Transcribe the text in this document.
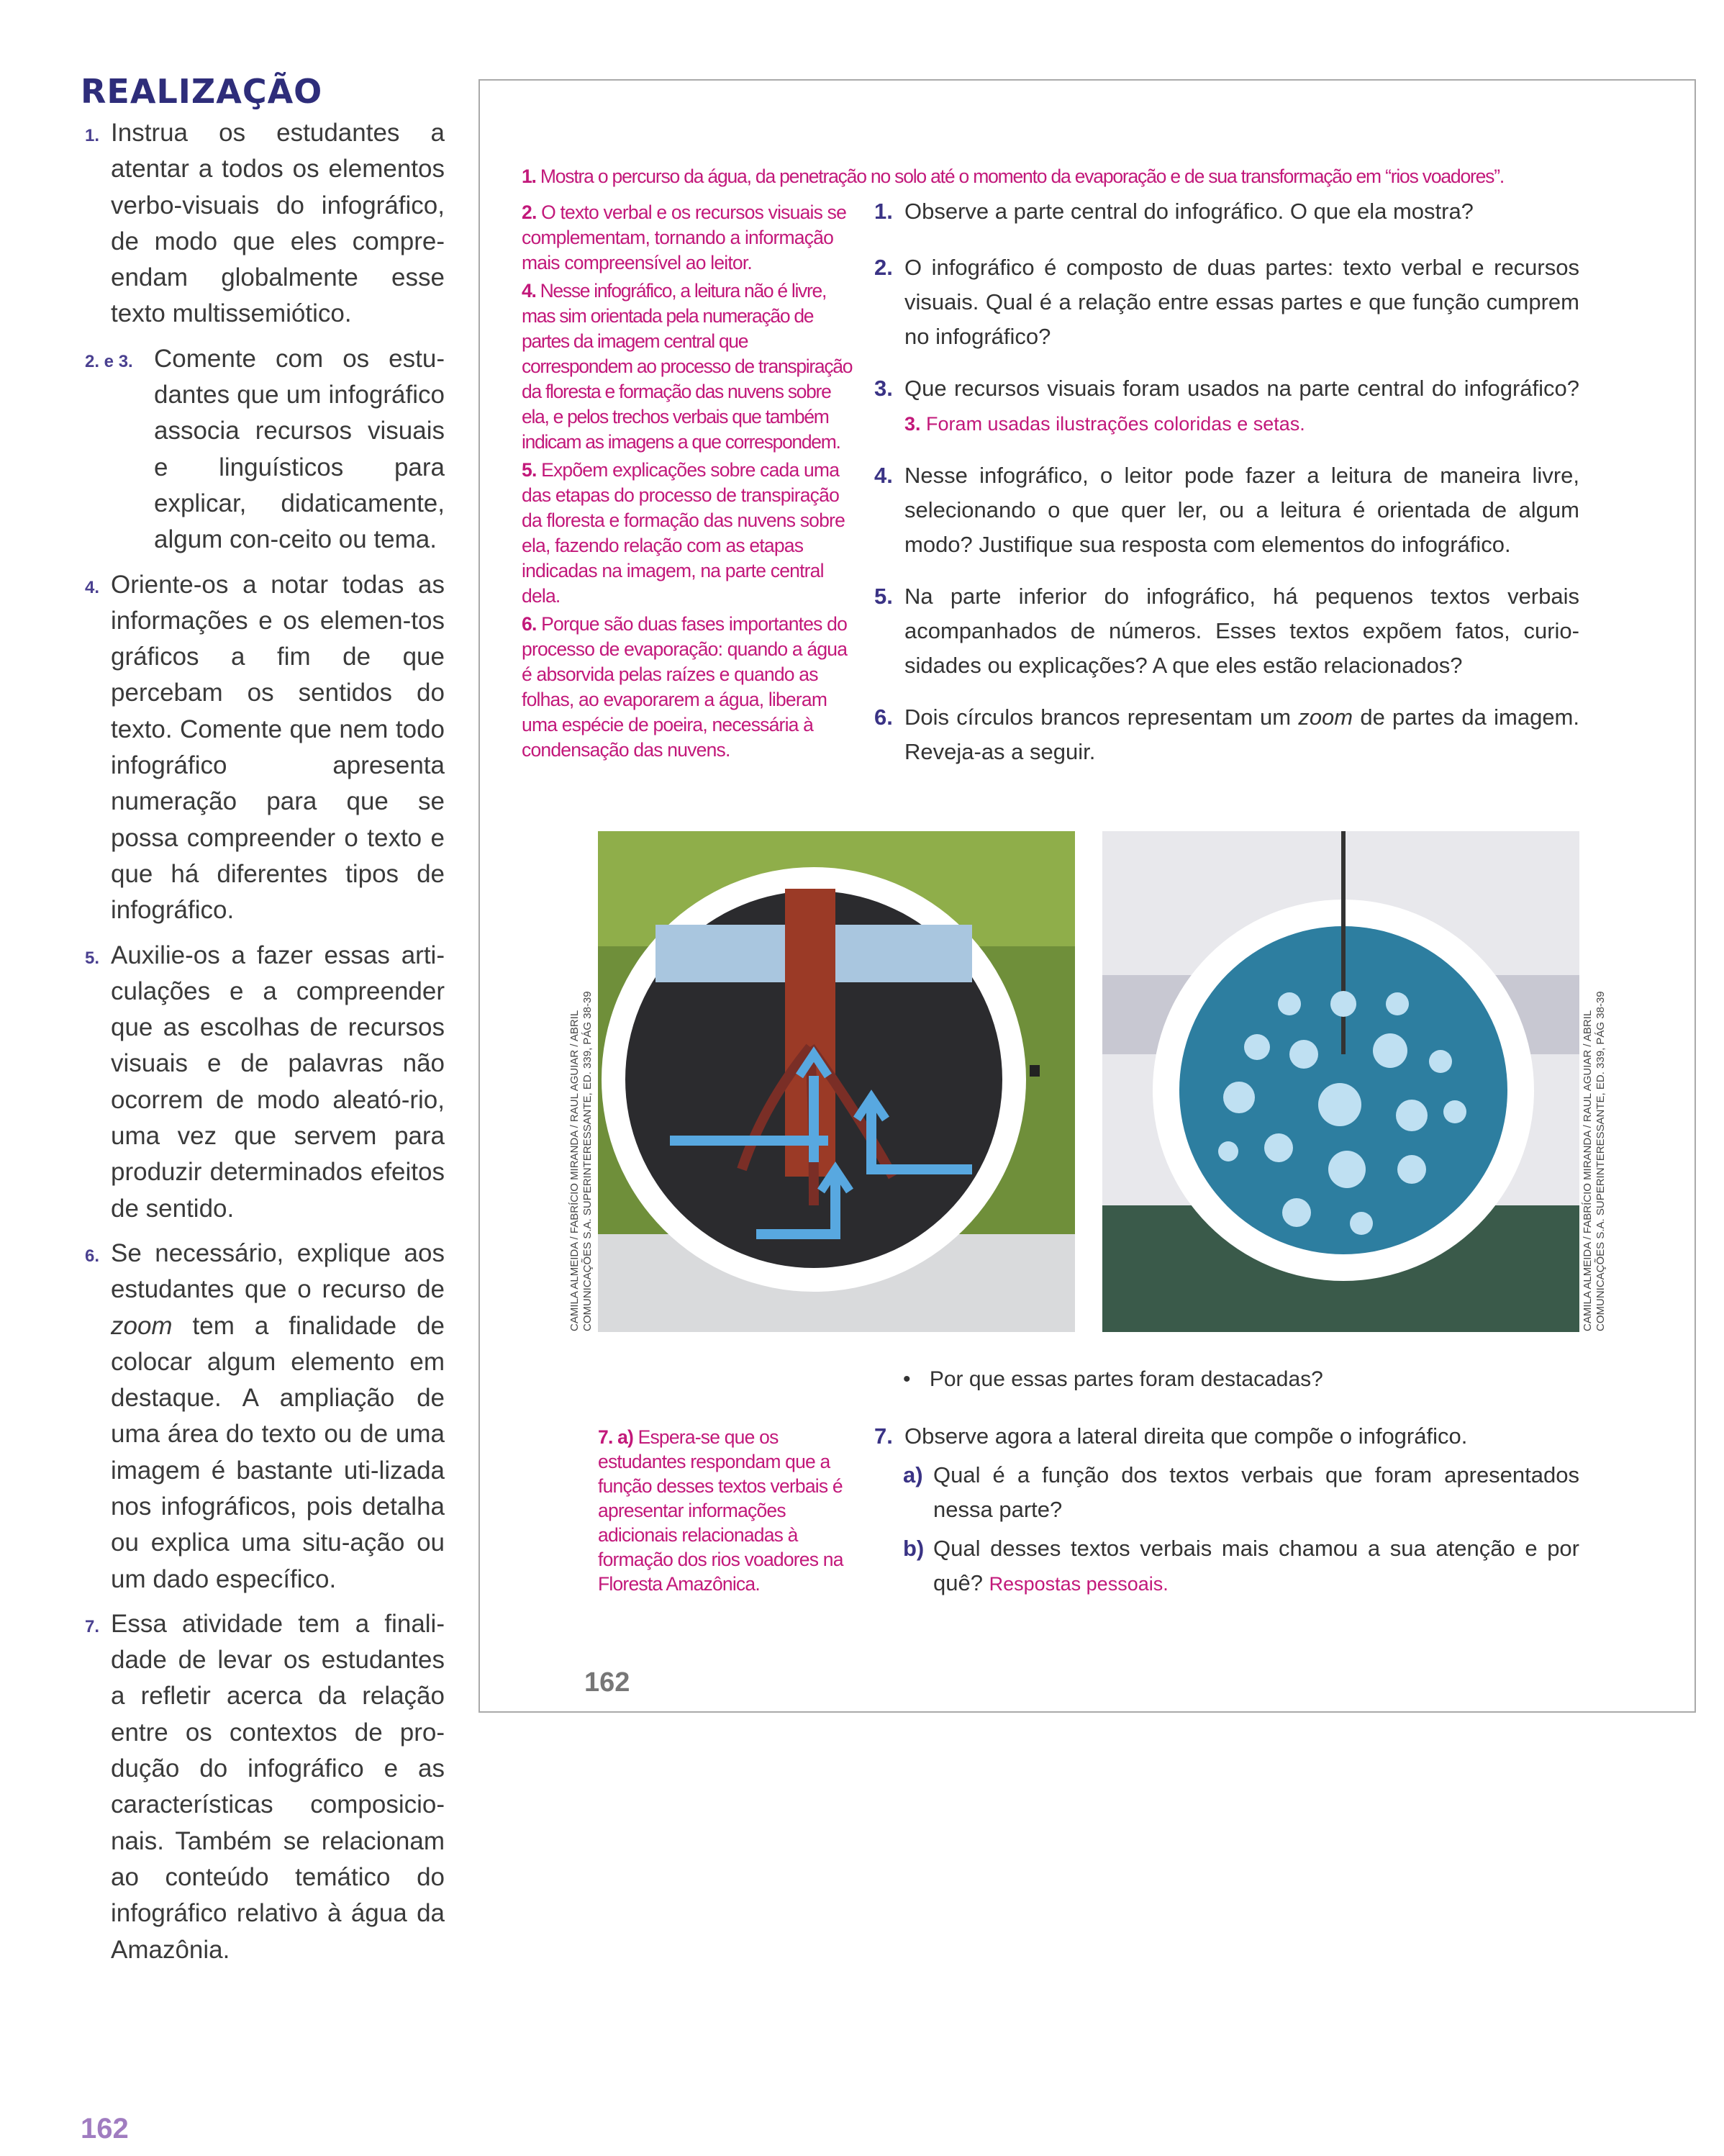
REALIZAÇÃO
1. Instrua os estudantes a atentar a todos os elementos verbo-visuais do infográfico, de modo que eles compre-endam globalmente esse texto multissemiótico.
2. e 3. Comente com os estu-dantes que um infográfico associa recursos visuais e linguísticos para explicar, didaticamente, algum con-ceito ou tema.
4. Oriente-os a notar todas as informações e os elemen-tos gráficos a fim de que percebam os sentidos do texto. Comente que nem todo infográfico apresenta numeração para que se possa compreender o texto e que há diferentes tipos de infográfico.
5. Auxilie-os a fazer essas arti-culações e a compreender que as escolhas de recursos visuais e de palavras não ocorrem de modo aleató-rio, uma vez que servem para produzir determinados efeitos de sentido.
6. Se necessário, explique aos estudantes que o recurso de zoom tem a finalidade de colocar algum elemento em destaque. A ampliação de uma área do texto ou de uma imagem é bastante uti-lizada nos infográficos, pois detalha ou explica uma situ-ação ou um dado específico.
7. Essa atividade tem a finali-dade de levar os estudantes a refletir acerca da relação entre os contextos de pro-dução do infográfico e as características composicio-nais. Também se relacionam ao conteúdo temático do infográfico relativo à água da Amazônia.
162
1. Mostra o percurso da água, da penetração no solo até o momento da evaporação e de sua transformação em “rios voadores”.

2. O texto verbal e os recursos visuais se complementam, tornando a informação mais compreensível ao leitor.

4. Nesse infográfico, a leitura não é livre, mas sim orientada pela numeração de partes da imagem central que correspondem ao processo de transpiração da floresta e formação das nuvens sobre ela, e pelos trechos verbais que também indicam as imagens a que correspondem.

5. Expõem explicações sobre cada uma das etapas do processo de transpiração da floresta e formação das nuvens sobre ela, fazendo relação com as etapas indicadas na imagem, na parte central dela.

6. Porque são duas fases importantes do processo de evaporação: quando a água é absorvida pelas raízes e quando as folhas, ao evaporarem a água, liberam uma espécie de poeira, necessária à condensação das nuvens.

1. Observe a parte central do infográfico. O que ela mostra?
2. O infográfico é composto de duas partes: texto verbal e recursos visuais. Qual é a relação entre essas partes e que função cumprem no infográfico?
3. Que recursos visuais foram usados na parte central do infográfico? 3. Foram usadas ilustrações coloridas e setas.
4. Nesse infográfico, o leitor pode fazer a leitura de maneira livre, selecionando o que quer ler, ou a leitura é orientada de algum modo? Justifique sua resposta com elementos do infográfico.
5. Na parte inferior do infográfico, há pequenos textos verbais acompanhados de números. Esses textos expõem fatos, curio-sidades ou explicações? A que eles estão relacionados?
6. Dois círculos brancos representam um zoom de partes da imagem. Reveja-as a seguir.
CAMILA ALMEIDA / FABRÍCIO MIRANDA / RAUL AGUIAR / ABRIL COMUNICAÇÕES S.A. SUPERINTERESSANTE, ED. 339, PÁG 38-39	CAMILA ALMEIDA / FABRÍCIO MIRANDA / RAUL AGUIAR / ABRIL COMUNICAÇÕES S.A. SUPERINTERESSANTE, ED. 339, PÁG 38-39
• Por que essas partes foram destacadas?
7. a) Espera-se que os estudantes respondam que a função desses textos verbais é apresentar informações adicionais relacionadas à formação dos rios voadores na Floresta Amazônica.
7. Observe agora a lateral direita que compõe o infográfico.
a) Qual é a função dos textos verbais que foram apresentados nessa parte?
b) Qual desses textos verbais mais chamou a sua atenção e por quê? Respostas pessoais.
162
